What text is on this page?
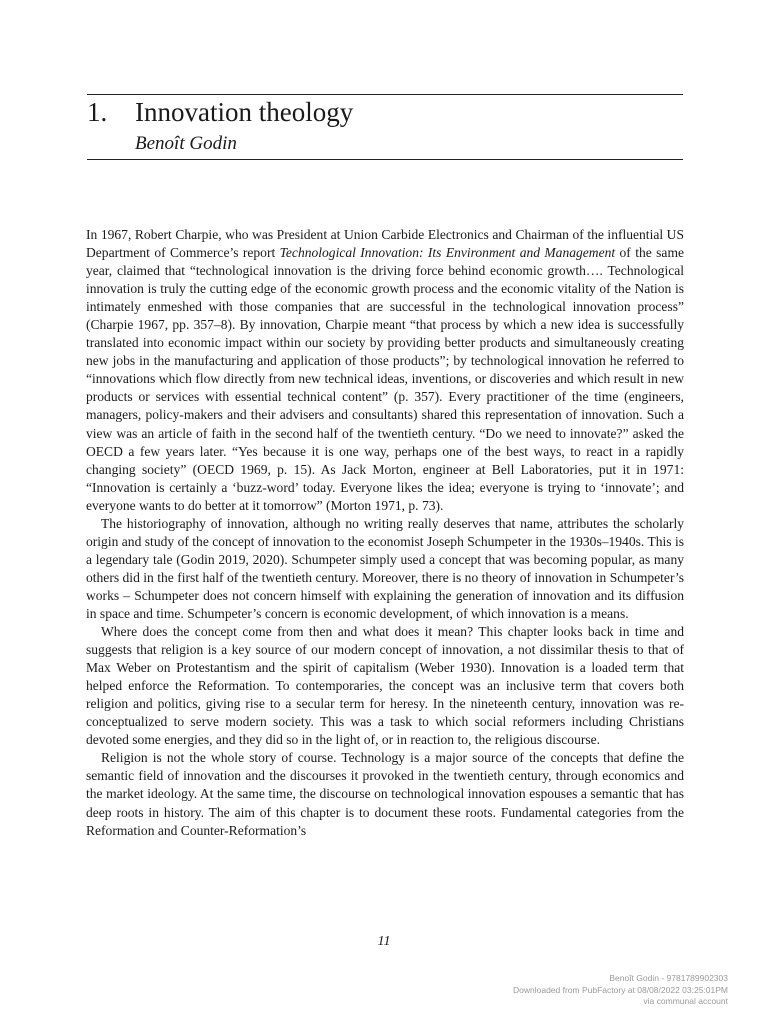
1. Innovation theology
Benoît Godin

In 1967, Robert Charpie, who was President at Union Carbide Electronics and Chairman of the influential US Department of Commerce’s report Technological Innovation: Its Environment and Management of the same year, claimed that “technological innovation is the driving force behind economic growth…. Technological innovation is truly the cutting edge of the economic growth process and the economic vitality of the Nation is intimately enmeshed with those companies that are successful in the technological innovation process” (Charpie 1967, pp. 357–8). By innovation, Charpie meant “that process by which a new idea is successfully translated into economic impact within our society by providing better products and simultaneously creating new jobs in the manufacturing and application of those products”; by technological innovation he referred to “innovations which flow directly from new technical ideas, inventions, or discoveries and which result in new products or services with essential technical content” (p. 357). Every practitioner of the time (engineers, managers, policy-makers and their advisers and consultants) shared this representation of innovation. Such a view was an article of faith in the second half of the twentieth century. “Do we need to innovate?” asked the OECD a few years later. “Yes because it is one way, perhaps one of the best ways, to react in a rapidly changing society” (OECD 1969, p. 15). As Jack Morton, engineer at Bell Laboratories, put it in 1971: “Innovation is certainly a ‘buzz-word’ today. Everyone likes the idea; everyone is trying to ‘innovate’; and everyone wants to do better at it tomorrow” (Morton 1971, p. 73).

The historiography of innovation, although no writing really deserves that name, attributes the scholarly origin and study of the concept of innovation to the economist Joseph Schumpeter in the 1930s–1940s. This is a legendary tale (Godin 2019, 2020). Schumpeter simply used a concept that was becoming popular, as many others did in the first half of the twentieth century. Moreover, there is no theory of innovation in Schumpeter’s works – Schumpeter does not concern himself with explaining the generation of innovation and its diffusion in space and time. Schumpeter’s concern is economic development, of which innovation is a means.

Where does the concept come from then and what does it mean? This chapter looks back in time and suggests that religion is a key source of our modern concept of innovation, a not dissimilar thesis to that of Max Weber on Protestantism and the spirit of capitalism (Weber 1930). Innovation is a loaded term that helped enforce the Reformation. To contemporaries, the concept was an inclusive term that covers both religion and politics, giving rise to a secular term for heresy. In the nineteenth century, innovation was re-conceptualized to serve modern society. This was a task to which social reformers including Christians devoted some energies, and they did so in the light of, or in reaction to, the religious discourse.

Religion is not the whole story of course. Technology is a major source of the concepts that define the semantic field of innovation and the discourses it provoked in the twentieth century, through economics and the market ideology. At the same time, the discourse on technological innovation espouses a semantic that has deep roots in history. The aim of this chapter is to document these roots. Fundamental categories from the Reformation and Counter-Reformation’s

11
Benoît Godin - 9781789902303
Downloaded from PubFactory at 08/08/2022 03:25:01PM
via communal account
